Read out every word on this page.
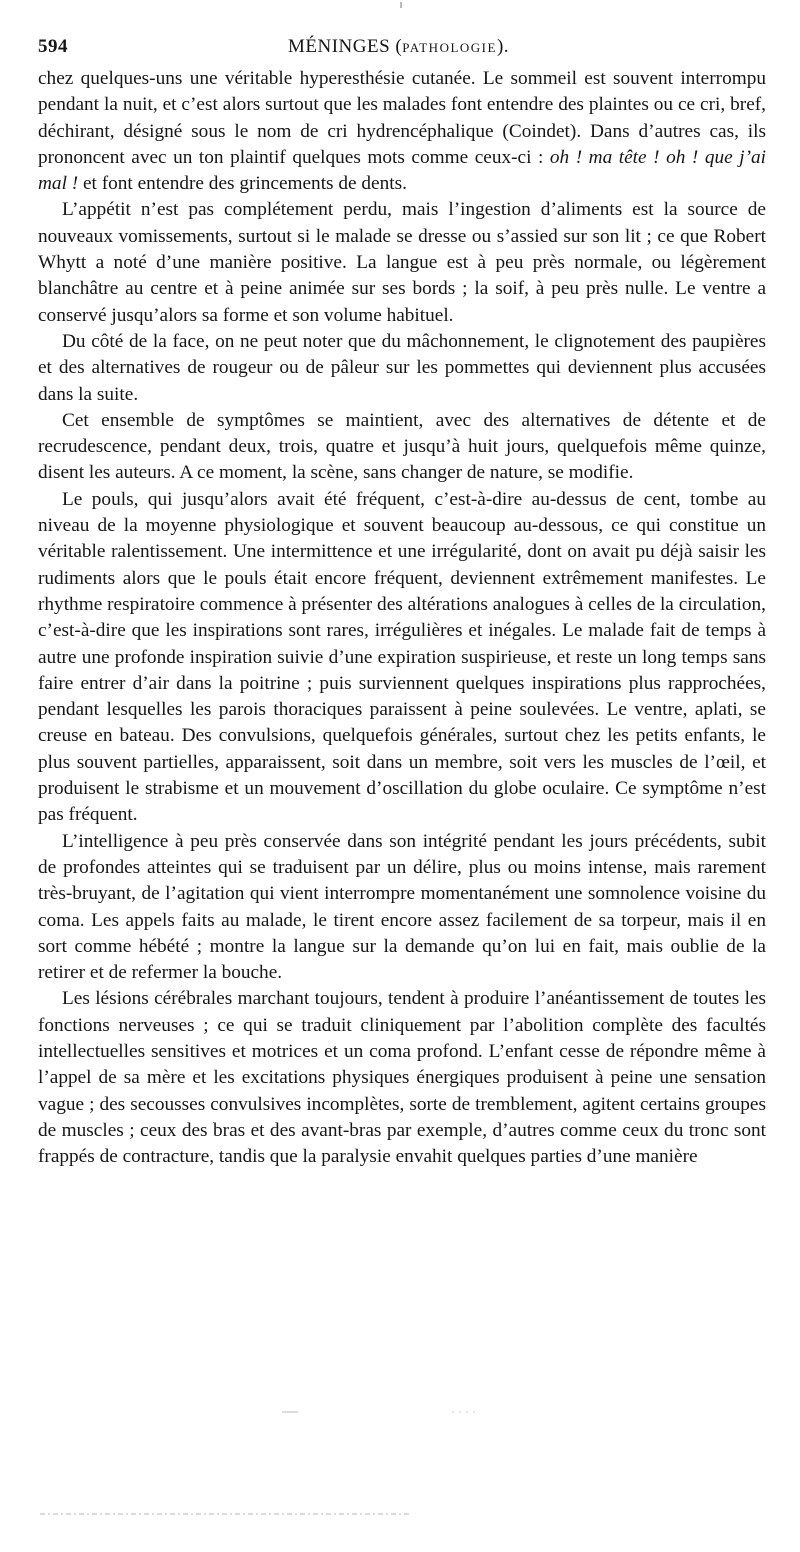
594	MÉNINGES (PATHOLOGIE).

chez quelques-uns une véritable hyperesthésie cutanée. Le sommeil est souvent interrompu pendant la nuit, et c’est alors surtout que les malades font entendre des plaintes ou ce cri, bref, déchirant, désigné sous le nom de cri hydrencéphalique (Coindet). Dans d’autres cas, ils prononcent avec un ton plaintif quelques mots comme ceux-ci : oh ! ma tête ! oh ! que j’ai mal ! et font entendre des grincements de dents.

L’appétit n’est pas complétement perdu, mais l’ingestion d’aliments est la source de nouveaux vomissements, surtout si le malade se dresse ou s’assied sur son lit ; ce que Robert Whytt a noté d’une manière positive. La langue est à peu près normale, ou légèrement blanchâtre au centre et à peine animée sur ses bords ; la soif, à peu près nulle. Le ventre a conservé jusqu’alors sa forme et son volume habituel.

Du côté de la face, on ne peut noter que du mâchonnement, le clignotement des paupières et des alternatives de rougeur ou de pâleur sur les pommettes qui deviennent plus accusées dans la suite.

Cet ensemble de symptômes se maintient, avec des alternatives de détente et de recrudescence, pendant deux, trois, quatre et jusqu’à huit jours, quelquefois même quinze, disent les auteurs. A ce moment, la scène, sans changer de nature, se modifie.

Le pouls, qui jusqu’alors avait été fréquent, c’est-à-dire au-dessus de cent, tombe au niveau de la moyenne physiologique et souvent beaucoup au-dessous, ce qui constitue un véritable ralentissement. Une intermittence et une irrégularité, dont on avait pu déjà saisir les rudiments alors que le pouls était encore fréquent, deviennent extrêmement manifestes. Le rhythme respiratoire commence à présenter des altérations analogues à celles de la circulation, c’est-à-dire que les inspirations sont rares, irrégulières et inégales. Le malade fait de temps à autre une profonde inspiration suivie d’une expiration suspirieuse, et reste un long temps sans faire entrer d’air dans la poitrine ; puis surviennent quelques inspirations plus rapprochées, pendant lesquelles les parois thoraciques paraissent à peine soulevées. Le ventre, aplati, se creuse en bateau. Des convulsions, quelquefois générales, surtout chez les petits enfants, le plus souvent partielles, apparaissent, soit dans un membre, soit vers les muscles de l’œil, et produisent le strabisme et un mouvement d’oscillation du globe oculaire. Ce symptôme n’est pas fréquent.

L’intelligence à peu près conservée dans son intégrité pendant les jours précédents, subit de profondes atteintes qui se traduisent par un délire, plus ou moins intense, mais rarement très-bruyant, de l’agitation qui vient interrompre momentanément une somnolence voisine du coma. Les appels faits au malade, le tirent encore assez facilement de sa torpeur, mais il en sort comme hébété ; montre la langue sur la demande qu’on lui en fait, mais oublie de la retirer et de refermer la bouche.

Les lésions cérébrales marchant toujours, tendent à produire l’anéantissement de toutes les fonctions nerveuses ; ce qui se traduit cliniquement par l’abolition complète des facultés intellectuelles sensitives et motrices et un coma profond. L’enfant cesse de répondre même à l’appel de sa mère et les excitations physiques énergiques produisent à peine une sensation vague ; des secousses convulsives incomplètes, sorte de tremblement, agitent certains groupes de muscles ; ceux des bras et des avant-bras par exemple, d’autres comme ceux du tronc sont frappés de contracture, tandis que la paralysie envahit quelques parties d’une manière
